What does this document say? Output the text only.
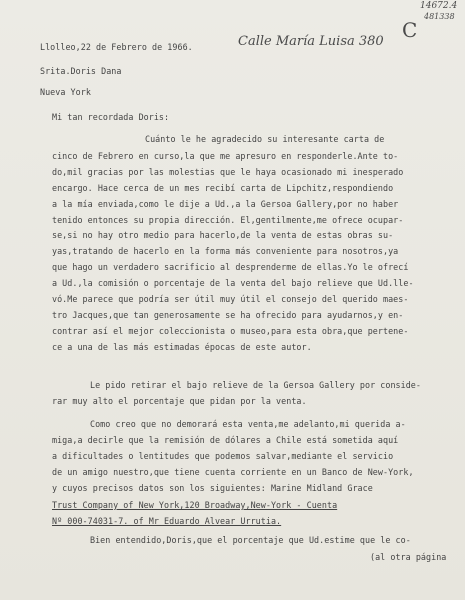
14672.4
481338
C
Llolleo,22 de Febrero de 1966.	Calle María Luisa 380
Srita.Doris Dana
Nueva York
Mi tan recordada Doris:
Cuánto le he agradecido su interesante carta de
cinco de Febrero en curso,la que me apresuro en responderle.Ante to-
do,mil gracias por las molestias que le haya ocasionado mi inesperado
encargo. Hace cerca de un mes recibí carta de Lipchitz,respondiendo
a la mía enviada,como le dije a Ud.,a la Gersoa Gallery,por no haber
tenido entonces su propia dirección. El,gentilmente,me ofrece ocupar-
se,si no hay otro medio para hacerlo,de la venta de estas obras su-
yas,tratando de hacerlo en la forma más conveniente para nosotros,ya
que hago un verdadero sacrificio al desprenderme de ellas.Yo le ofrecí
a Ud.,la comisión o porcentaje de la venta del bajo relieve que Ud.lle-
vó.Me parece que podría ser útil muy útil el consejo del querido maes-
tro Jacques,que tan generosamente se ha ofrecido para ayudarnos,y en-
contrar así el mejor coleccionista o museo,para esta obra,que pertene-
ce a una de las más estimadas épocas de este autor.
Le pido retirar el bajo relieve de la Gersoa Gallery por conside-
rar muy alto el porcentaje que pidan por la venta.
Como creo que no demorará esta venta,me adelanto,mi querida a-
miga,a decirle que la remisión de dólares a Chile está sometida aquí
a dificultades o lentitudes que podemos salvar,mediante el servicio
de un amigo nuestro,que tiene cuenta corriente en un Banco de New-York,
y cuyos precisos datos son los siguientes: Marine Midland Grace
Trust Company of New York,120 Broadway,New-York - Cuenta
Nº 000-74031-7. of Mr Eduardo Alvear Urrutia.
Bien entendido,Doris,que el porcentaje que Ud.estime que le co-
(al otra página
